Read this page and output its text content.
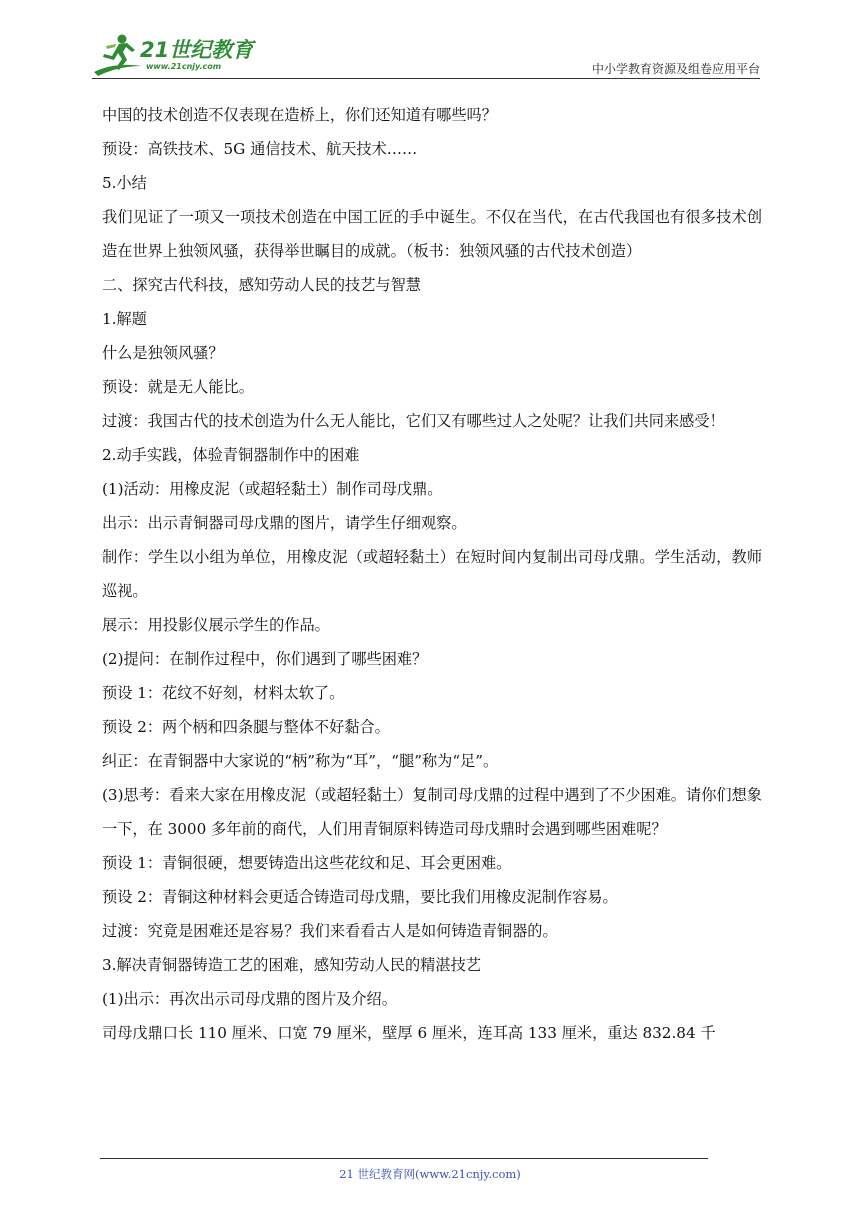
21世纪教育
www.21cnjy.com	中小学教育资源及组卷应用平台

中国的技术创造不仅表现在造桥上，你们还知道有哪些吗？

预设：高铁技术、5G 通信技术、航天技术……

5.小结

我们见证了一项又一项技术创造在中国工匠的手中诞生。不仅在当代，在古代我国也有很多技术创造在世界上独领风骚，获得举世瞩目的成就。（板书：独领风骚的古代技术创造）

二、探究古代科技，感知劳动人民的技艺与智慧

1.解题

什么是独领风骚？

预设：就是无人能比。

过渡：我国古代的技术创造为什么无人能比，它们又有哪些过人之处呢？让我们共同来感受！

2.动手实践，体验青铜器制作中的困难

(1)活动：用橡皮泥（或超轻黏土）制作司母戊鼎。

出示：出示青铜器司母戊鼎的图片，请学生仔细观察。

制作：学生以小组为单位，用橡皮泥（或超轻黏土）在短时间内复制出司母戊鼎。学生活动，教师巡视。

展示：用投影仪展示学生的作品。

(2)提问：在制作过程中，你们遇到了哪些困难？

预设 1：花纹不好刻，材料太软了。

预设 2：两个柄和四条腿与整体不好黏合。

纠正：在青铜器中大家说的“柄”称为“耳”，“腿”称为“足”。

(3)思考：看来大家在用橡皮泥（或超轻黏土）复制司母戊鼎的过程中遇到了不少困难。请你们想象一下，在 3000 多年前的商代，人们用青铜原料铸造司母戊鼎时会遇到哪些困难呢？

预设 1：青铜很硬，想要铸造出这些花纹和足、耳会更困难。

预设 2：青铜这种材料会更适合铸造司母戊鼎，要比我们用橡皮泥制作容易。

过渡：究竟是困难还是容易？我们来看看古人是如何铸造青铜器的。

3.解决青铜器铸造工艺的困难，感知劳动人民的精湛技艺

(1)出示：再次出示司母戊鼎的图片及介绍。

司母戊鼎口长 110 厘米、口宽 79 厘米，壁厚 6 厘米，连耳高 133 厘米，重达 832.84 千

21 世纪教育网(www.21cnjy.com)
